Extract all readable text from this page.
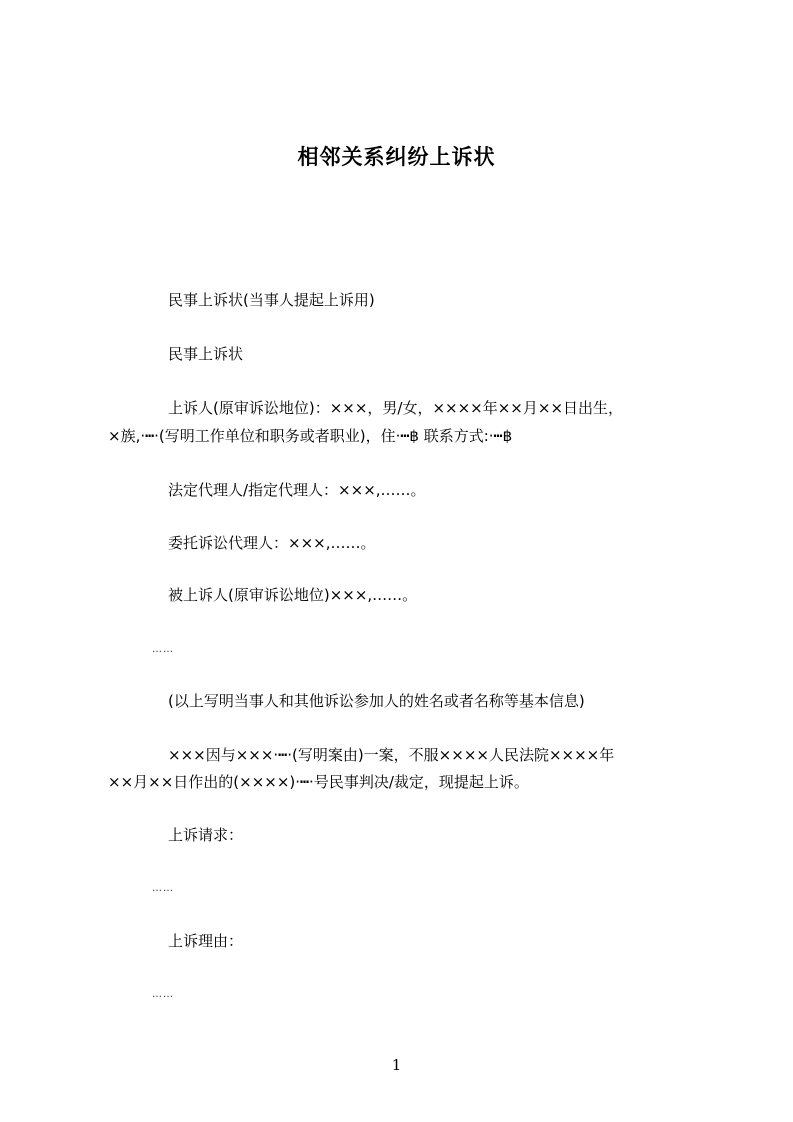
相邻关系纠纷上诉状
民事上诉状(当事人提起上诉用)
民事上诉状
上诉人(原审诉讼地位)：×××，男/女，××××年××月××日出生，
×族,·┅·(写明工作单位和职务或者职业)，住·┅฿ 联系方式:·┅฿
法定代理人/指定代理人：×××,……。
委托诉讼代理人：×××,……。
被上诉人(原审诉讼地位)×××,……。
……
(以上写明当事人和其他诉讼参加人的姓名或者名称等基本信息)
×××因与×××·┅·(写明案由)一案，不服××××人民法院××××年
××月××日作出的(××××)·┅·号民事判决/裁定，现提起上诉。
上诉请求：
……
上诉理由：
……
1
